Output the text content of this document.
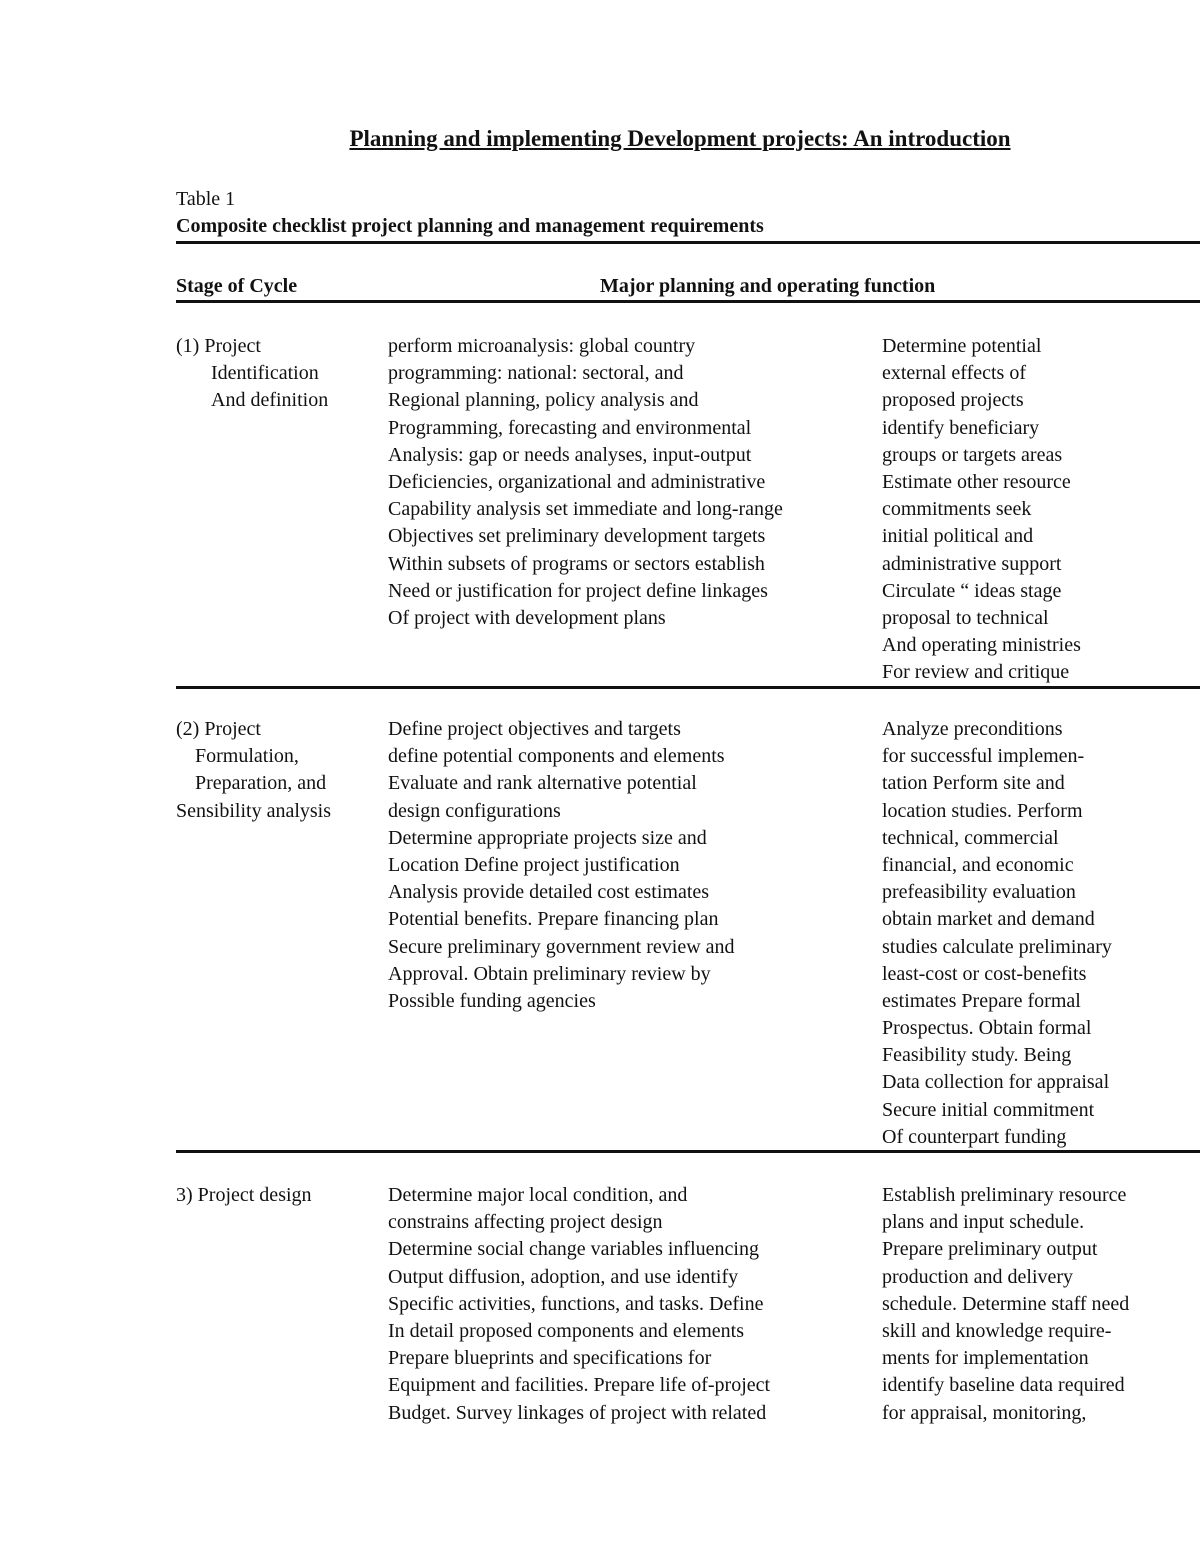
Planning and implementing Development projects: An introduction
Table 1
Composite checklist project planning and management requirements
Stage of Cycle	Major planning and operating function
(1) Project
Identification
And definition
perform microanalysis: global country
programming: national: sectoral, and
Regional planning, policy analysis and
Programming, forecasting and environmental
Analysis: gap or needs analyses, input-output
Deficiencies, organizational and administrative
Capability analysis set immediate and long-range
Objectives set preliminary development targets
Within subsets of programs or sectors establish
Need or justification for project define linkages
Of project with development plans
Determine potential
external effects of
proposed projects
identify beneficiary
groups or targets areas
Estimate other resource
commitments seek
initial political and
administrative support
Circulate “ ideas stage
proposal to technical
And operating ministries
For review and critique
(2) Project
Formulation,
Preparation, and
Sensibility analysis
Define project objectives and targets
define potential components and elements
Evaluate and rank alternative potential
design configurations
Determine appropriate projects size and
Location Define project justification
Analysis provide detailed cost estimates
Potential benefits. Prepare financing plan
Secure preliminary government review and
Approval. Obtain preliminary review by
Possible funding agencies
Analyze preconditions
for successful implemen-
tation Perform site and
location studies. Perform
technical, commercial
financial, and economic
prefeasibility evaluation
obtain market and demand
studies calculate preliminary
least-cost or cost-benefits
estimates Prepare formal
Prospectus. Obtain formal
Feasibility study. Being
Data collection for appraisal
Secure initial commitment
Of counterpart funding
3) Project design	Determine major local condition, and
constrains affecting project design
Determine social change variables influencing
Output diffusion, adoption, and use identify
Specific activities, functions, and tasks. Define
In detail proposed components and elements
Prepare blueprints and specifications for
Equipment and facilities. Prepare life of-project
Budget. Survey linkages of project with related
Establish preliminary resource
plans and input schedule.
Prepare preliminary output
production and delivery
schedule. Determine staff need
skill and knowledge require-
ments for implementation
identify baseline data required
for appraisal, monitoring,
